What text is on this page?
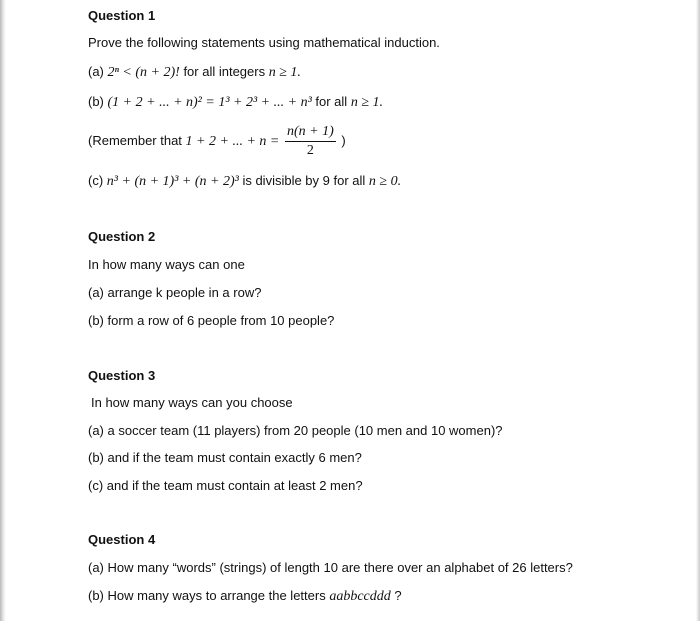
Question 1
Prove the following statements using mathematical induction.
(a) 2ⁿ < (n + 2)! for all integers n ≥ 1.
(b) (1 + 2 + ... + n)² = 1³ + 2³ + ... + n³ for all n ≥ 1.
(Remember that 1 + 2 + ... + $n = \frac{n(n + 1)}{2}$ )
(c) n³ + (n + 1)³ + (n + 2)³ is divisible by 9 for all n ≥ 0.
Question 2
In how many ways can one
(a) arrange k people in a row?
(b) form a row of 6 people from 10 people?
Question 3
In how many ways can you choose
(a) a soccer team (11 players) from 20 people (10 men and 10 women)?
(b) and if the team must contain exactly 6 men?
(c) and if the team must contain at least 2 men?
Question 4
(a) How many “words” (strings) of length 10 are there over an alphabet of 26 letters?
(b) How many ways to arrange the letters aabbccddd ?
